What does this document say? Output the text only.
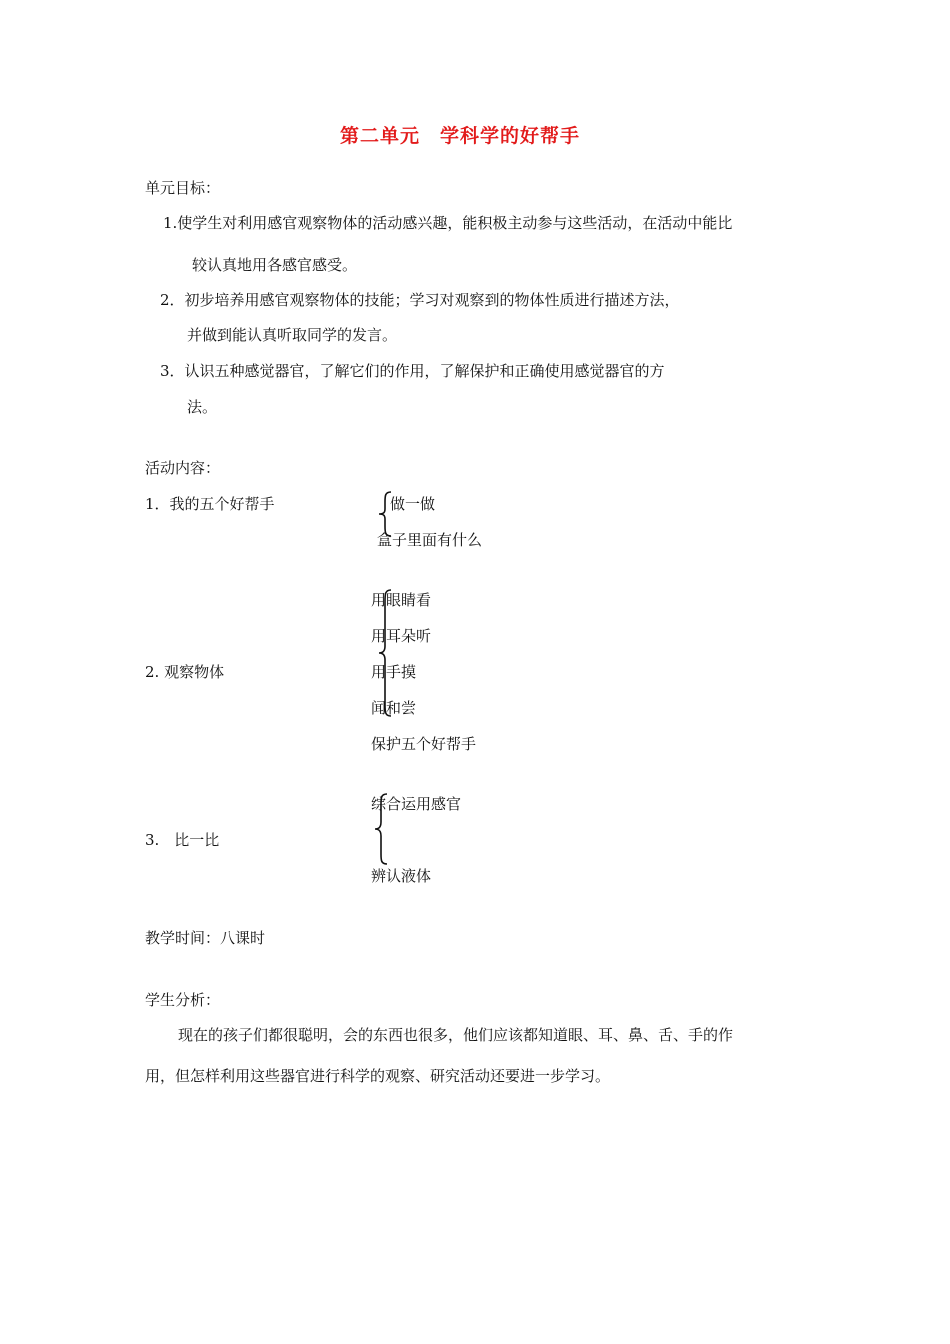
第二单元　学科学的好帮手
单元目标：
1.使学生对利用感官观察物体的活动感兴趣，能积极主动参与这些活动，在活动中能比
较认真地用各感官感受。
2．初步培养用感官观察物体的技能；学习对观察到的物体性质进行描述方法，
并做到能认真听取同学的发言。
3．认识五种感觉器官，了解它们的作用，了解保护和正确使用感觉器官的方
法。
活动内容：
1．我的五个好帮手	做一做
盒子里面有什么
2. 观察物体
用眼睛看
用耳朵听
用手摸
闻和尝
保护五个好帮手
3.　比一比
综合运用感官
辨认液体
教学时间：八课时
学生分析：
现在的孩子们都很聪明，会的东西也很多，他们应该都知道眼、耳、鼻、舌、手的作
用，但怎样利用这些器官进行科学的观察、研究活动还要进一步学习。
